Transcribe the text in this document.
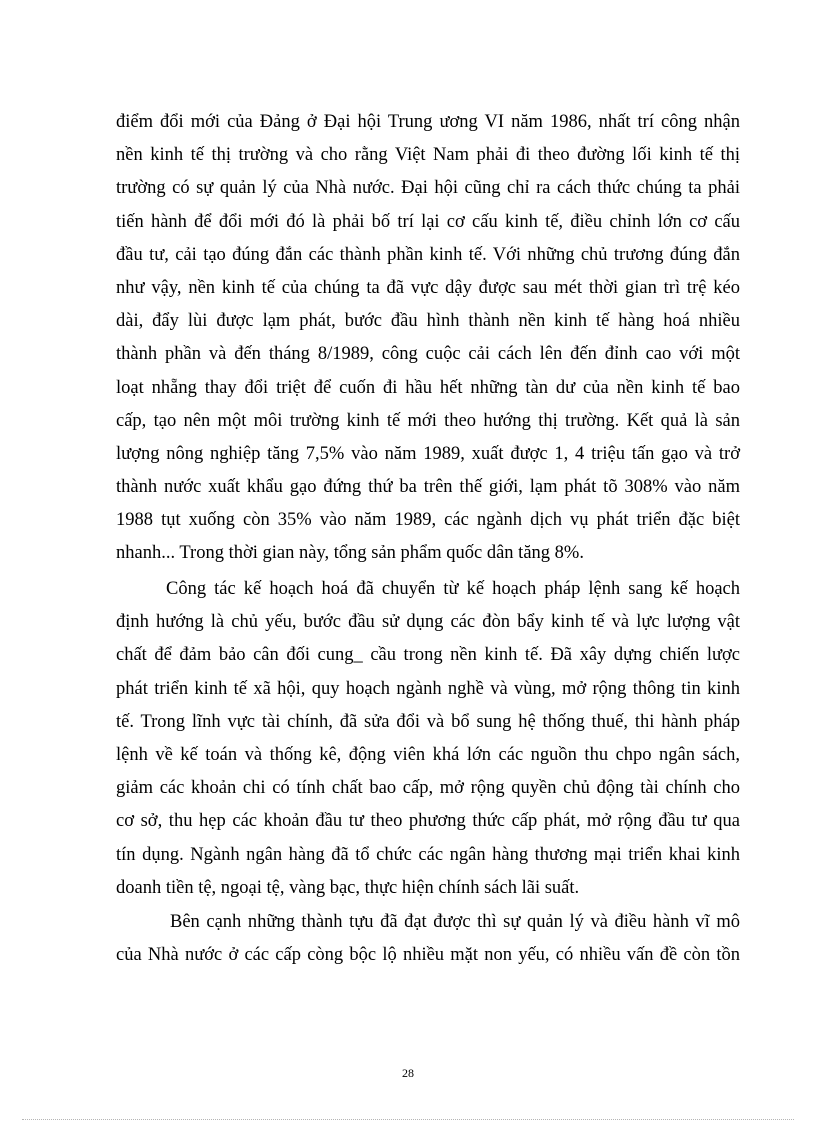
điểm đổi mới của Đảng ở Đại hội Trung ương VI năm 1986, nhất trí công nhận
nền kinh tế thị trường và cho rằng Việt Nam phải đi theo đường lối kinh tế thị
trường có sự quản lý của Nhà nước. Đại hội cũng chỉ ra cách thức chúng ta phải
tiến hành để đổi mới đó là phải bố trí lại cơ cấu kinh tế, điều chỉnh lớn cơ cấu
đầu tư, cải tạo đúng đắn các thành phần kinh tế. Với những chủ trương đúng đắn
như vậy, nền kinh tế của chúng ta đã vực dậy được sau mét thời gian trì trệ kéo
dài, đẩy lùi được lạm phát, bước đầu hình thành nền kinh tế hàng hoá nhiều
thành phần và đến tháng 8/1989, công cuộc cải cách lên đến đỉnh cao với một
loạt nhẵng thay đổi triệt để cuốn đi hầu hết những tàn dư của nền kinh tế bao
cấp, tạo nên một môi trường kinh tế mới theo hướng thị trường. Kết quả là sản
lượng nông nghiệp tăng 7,5% vào năm 1989, xuất được 1, 4 triệu tấn gạo và trở
thành nước xuất khẩu gạo đứng thứ ba trên thế giới, lạm phát tõ 308% vào năm
1988 tụt xuống còn 35% vào năm 1989, các ngành dịch vụ phát triển đặc biệt
nhanh... Trong thời gian này, tổng sản phẩm quốc dân tăng 8%.
Công tác kế hoạch hoá đã chuyển từ kế hoạch pháp lệnh sang kế hoạch
định hướng là chủ yếu, bước đầu sử dụng các đòn bẩy kinh tế và lực lượng vật
chất để đảm bảo cân đối cung_ cầu trong nền kinh tế. Đã xây dựng chiến lược
phát triển kinh tế xã hội, quy hoạch ngành nghề và vùng, mở rộng thông tin kinh
tế. Trong lĩnh vực tài chính, đã sửa đổi và bổ sung hệ thống thuế, thi hành pháp
lệnh về kế toán và thống kê, động viên khá lớn các nguồn thu chpo ngân sách,
giảm các khoản chi có tính chất bao cấp, mở rộng quyền chủ động tài chính cho
cơ sở, thu hẹp các khoản đầu tư theo phương thức cấp phát, mở rộng đầu tư qua
tín dụng. Ngành ngân hàng đã tổ chức các ngân hàng thương mại triển khai kinh
doanh tiền tệ, ngoại tệ, vàng bạc, thực hiện chính sách lãi suất.
Bên cạnh những thành tựu đã đạt được thì sự quản lý và điều hành vĩ mô
của Nhà nước ở các cấp còng bộc lộ nhiều mặt non yếu, có nhiều vấn đề còn tồn
28
